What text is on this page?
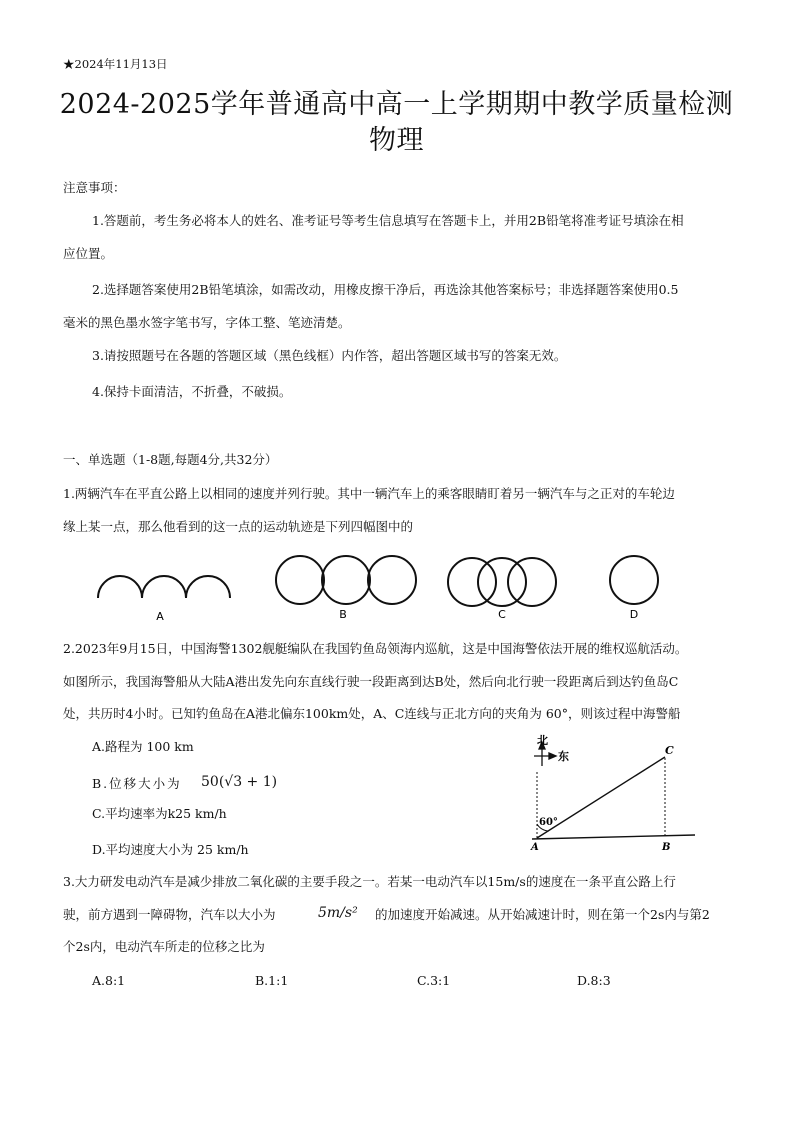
★2024年11月13日
2024-2025学年普通高中高一上学期期中教学质量检测
物理
注意事项：
1.答题前，考生务必将本人的姓名、准考证号等考生信息填写在答题卡上，并用2B铅笔将准考证号填涂在相
应位置。
2.选择题答案使用2B铅笔填涂，如需改动，用橡皮擦干净后，再选涂其他答案标号；非选择题答案使用0.5
毫米的黑色墨水签字笔书写，字体工整、笔迹清楚。
3.请按照题号在各题的答题区域（黑色线框）内作答，超出答题区域书写的答案无效。
4.保持卡面清洁，不折叠，不破损。
一、单选题（1-8题,每题4分,共32分）
1.两辆汽车在平直公路上以相同的速度并列行驶。其中一辆汽车上的乘客眼睛盯着另一辆汽车与之正对的车轮边
缘上某一点，那么他看到的这一点的运动轨迹是下列四幅图中的
A	B	C	D
2.2023年9月15日，中国海警1302舰艇编队在我国钓鱼岛领海内巡航，这是中国海警依法开展的维权巡航活动。
如图所示，我国海警船从大陆A港出发先向东直线行驶一段距离到达B处，然后向北行驶一段距离后到达钓鱼岛C
处，共历时4小时。已知钓鱼岛在A港北偏东100km处，A、C连线与正北方向的夹角为 60°，则该过程中海警船
A.路程为 100 km
B.位移大小为 50(√3 + 1)
C.平均速率为k25 km/h
D.平均速度大小为 25 km/h
北
东
60°
A	B
C
3.大力研发电动汽车是减少排放二氧化碳的主要手段之一。若某一电动汽车以15m/s的速度在一条平直公路上行
驶，前方遇到一障碍物，汽车以大小为	5m/s² 的加速度开始减速。从开始减速计时，则在第一个2s内与第2
个2s内，电动汽车所走的位移之比为
A.8:1	B.1:1	C.3:1	D.8:3
